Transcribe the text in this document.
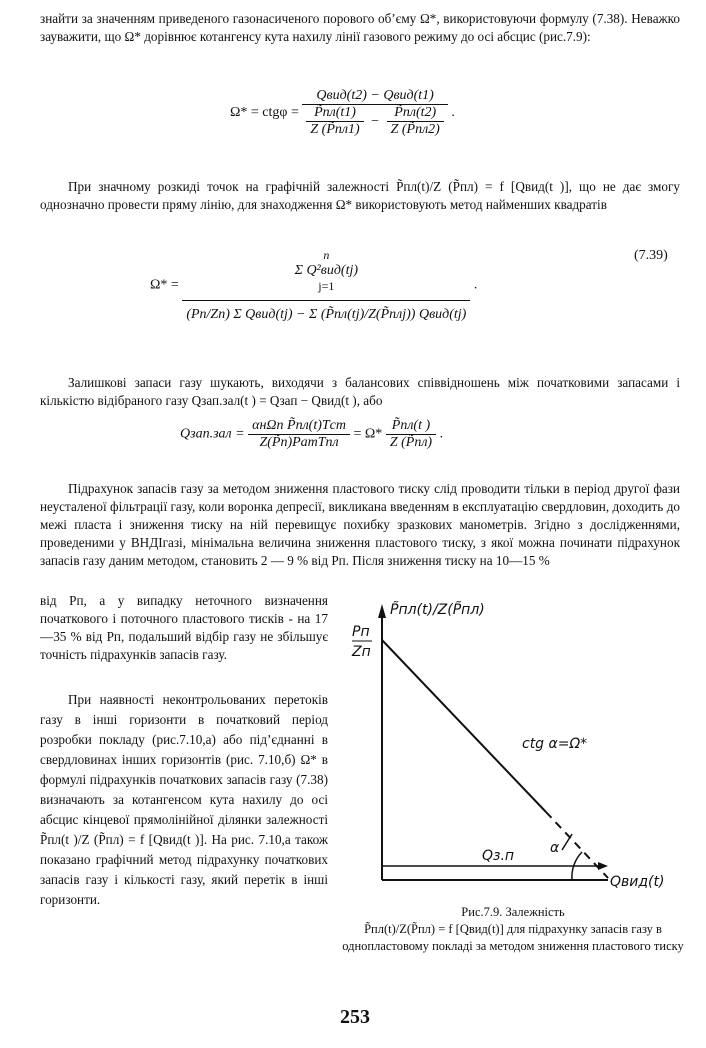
знайти за значенням приведеного газонасиченого порового об’єму Ω*, використовуючи формулу (7.38). Неважко зауважити, що Ω* дорівнює котангенсу кута нахилу лінії газового режиму до осі абсцис (рис.7.9):

Ω* = ctgφ =
Qвид(t2) − Qвид(t1)
$\frac{P̃пл(t1)}{Z (P̃пл1)} - \frac{P̃пл(t2)}{Z (P̃пл2)}$ .

При значному розкиді точок на графічній залежності P̃пл(t)/Z (P̃пл) = f [Qвид(t )], що не дає змогу однозначно провести пряму лінію, для знаходження Ω* використовують метод найменших квадратів

(7.39)
Ω* = n
Σ Q²вид(tj)
j=1
(Pп/Zп) Σ Qвид(tj) − Σ (P̃пл(tj)/Z(P̃плj)) Qвид(tj) .

Залишкові запаси газу шукають, виходячи з балансових співвідношень між початковими запасами і кількістю відібраного газу Qзап.зал(t ) = Qзап − Qвид(t ), або

Qзап.зал = $\frac{\text{αнΩп P̃пл(t)Tст}}{\text{Z(P̃п)PатTпл}} = \Omega* \frac{P̃пл(t )}{Z (P̃пл)}$ .

Підрахунок запасів газу за методом зниження пластового тиску слід проводити тільки в період другої фази неусталеної фільтрації газу, коли воронка депресії, викликана введенням в експлуатацію свердловин, доходить до межі пласта і зниження тиску на ній перевищує похибку зразкових манометрів. Згідно з дослідженнями, проведеними у ВНДІгазі, мінімальна величина зниження пластового тиску, з якої можна починати підрахунок запасів газу даним методом, становить 2 — 9 % від Pп. Після зниження тиску на 10—15 %

від Pп, а у випадку неточного визначення початкового і поточного пластового тисків - на 17—35 % від Pп, подальший відбір газу не збільшує точність підрахунків запасів газу.

При наявності неконтрольованих перетоків газу в інші горизонти в початковий період розробки покладу (рис.7.10,а) або під’єднанні в свердловинах інших горизонтів (рис. 7.10,б) Ω* в формулі підрахунків початкових запасів газу (7.38) визначають за котангенсом кута нахилу до осі абсцис кінцевої прямолінійної ділянки залежності P̃пл(t )/Z (P̃пл) = f [Qвид(t )]. На рис. 7.10,а також показано графічний метод підрахунку початкових запасів газу і кількості газу, який перетік в інші горизонти.

P̃пл(t)/Z(P̃пл)
Pп
Zп
ctg α=Ω*
α
Qз.п
Qвид(t)
Рис.7.9. Залежність
P̃пл(t)/Z(P̃пл) = f [Qвид(t)] для підрахунку запасів газу в однопластовому покладі за методом зниження пластового тиску
253
